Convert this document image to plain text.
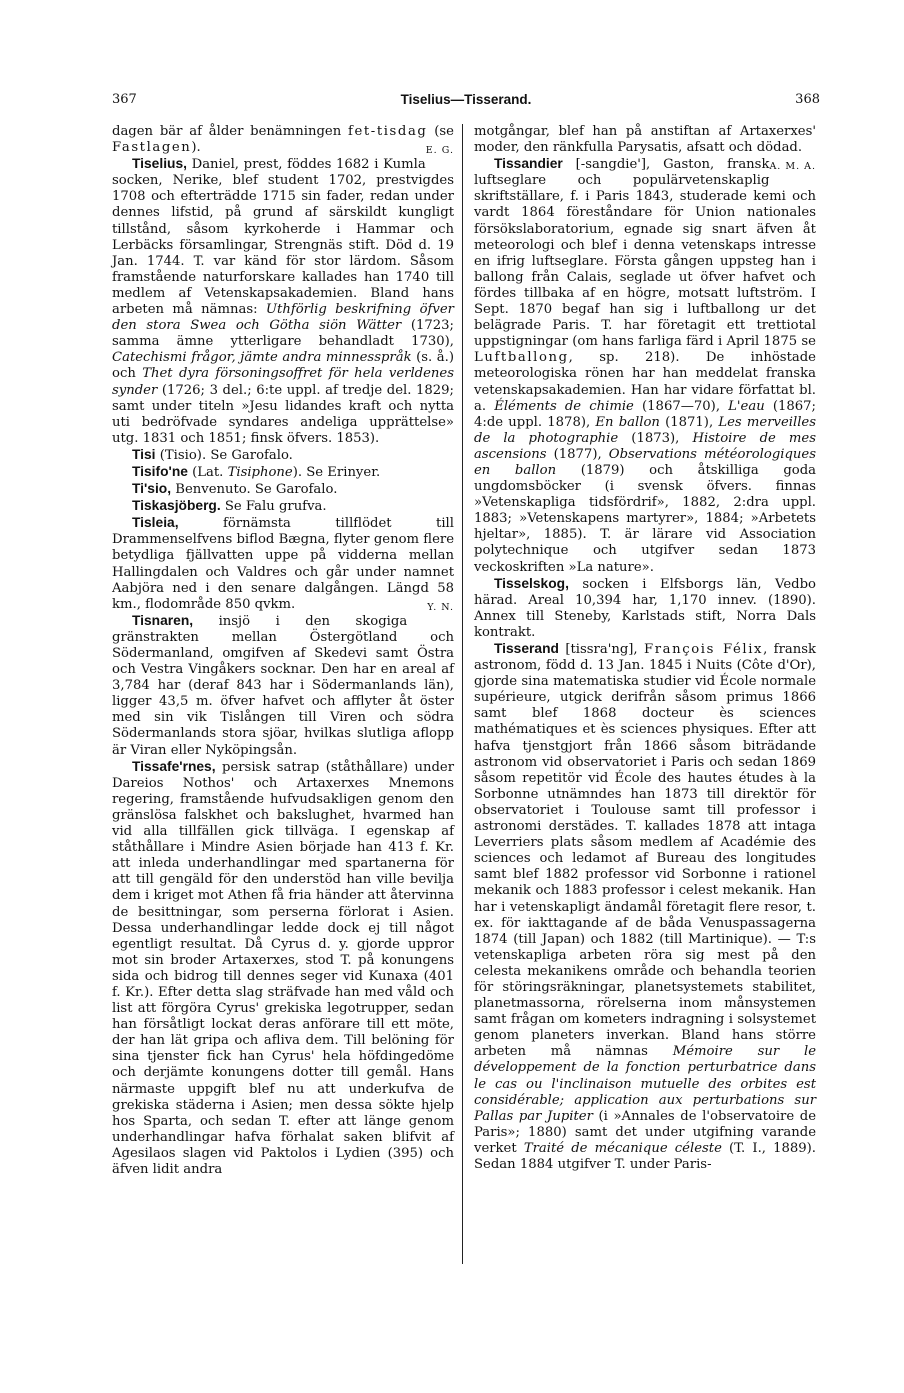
367	Tiselius—Tisserand.	368

dagen bär af ålder benämningen fet-tisdag (se Fastlagen).	E. G.

Tiselius, Daniel, prest, föddes 1682 i Kumla socken, Nerike, blef student 1702, prestvigdes 1708 och efterträdde 1715 sin fader, redan under dennes lifstid, på grund af särskildt kungligt tillstånd, såsom kyrkoherde i Hammar och Lerbäcks församlingar, Strengnäs stift. Död d. 19 Jan. 1744. T. var känd för stor lärdom. Såsom framstående naturforskare kallades han 1740 till medlem af Vetenskapsakademien. Bland hans arbeten må nämnas: Uthförlig beskrifning öfver den stora Swea och Götha siön Wätter (1723; samma ämne ytterligare behandladt 1730), Catechismi frågor, jämte andra minnesspråk (s. å.) och Thet dyra försoningsoffret för hela verldenes synder (1726; 3 del.; 6:te uppl. af tredje del. 1829; samt under titeln »Jesu lidandes kraft och nytta uti bedröfvade syndares andeliga upprättelse» utg. 1831 och 1851; finsk öfvers. 1853).

Tisi (Tisio). Se Garofalo.

Tisifo'ne (Lat. Tisiphone). Se Erinyer.

Ti'sio, Benvenuto. Se Garofalo.

Tiskasjöberg. Se Falu grufva.

Tisleia, förnämsta tillflödet till Drammenselfvens biflod Bægna, flyter genom flere betydliga fjällvatten uppe på vidderna mellan Hallingdalen och Valdres och går under namnet Aabjöra ned i den senare dalgången. Längd 58 km., flodområde 850 qvkm.	Y. N.

Tisnaren, insjö i den skogiga gränstrakten mellan Östergötland och Södermanland, omgifven af Skedevi samt Östra och Vestra Vingåkers socknar. Den har en areal af 3,784 har (deraf 843 har i Södermanlands län), ligger 43,5 m. öfver hafvet och afflyter åt öster med sin vik Tislången till Viren och södra Södermanlands stora sjöar, hvilkas slutliga aflopp är Viran eller Nyköpingsån.

Tissafe'rnes, persisk satrap (ståthållare) under Dareios Nothos' och Artaxerxes Mnemons regering, framstående hufvudsakligen genom den gränslösa falskhet och bakslughet, hvarmed han vid alla tillfällen gick tillväga. I egenskap af ståthållare i Mindre Asien började han 413 f. Kr. att inleda underhandlingar med spartanerna för att till gengäld för den understöd han ville bevilja dem i kriget mot Athen få fria händer att återvinna de besittningar, som perserna förlorat i Asien. Dessa underhandlingar ledde dock ej till något egentligt resultat. Då Cyrus d. y. gjorde uppror mot sin broder Artaxerxes, stod T. på konungens sida och bidrog till dennes seger vid Kunaxa (401 f. Kr.). Efter detta slag sträfvade han med våld och list att förgöra Cyrus' grekiska legotrupper, sedan han försåtligt lockat deras anförare till ett möte, der han lät gripa och afliva dem. Till belöning för sina tjenster fick han Cyrus' hela höfdingedöme och derjämte konungens dotter till gemål. Hans närmaste uppgift blef nu att underkufva de grekiska städerna i Asien; men dessa sökte hjelp hos Sparta, och sedan T. efter att länge genom underhandlingar hafva förhalat saken blifvit af Agesilaos slagen vid Paktolos i Lydien (395) och äfven lidit andra

motgångar, blef han på anstiftan af Artaxerxes' moder, den ränkfulla Parysatis, afsatt och dödad.
A. M. A.

Tissandier [-sangdie'], Gaston, fransk luftseglare och populärvetenskaplig skriftställare, f. i Paris 1843, studerade kemi och vardt 1864 föreståndare för Union nationales försökslaboratorium, egnade sig snart äfven åt meteorologi och blef i denna vetenskaps intresse en ifrig luftseglare. Första gången uppsteg han i ballong från Calais, seglade ut öfver hafvet och fördes tillbaka af en högre, motsatt luftström. I Sept. 1870 begaf han sig i luftballong ur det belägrade Paris. T. har företagit ett trettiotal uppstigningar (om hans farliga färd i April 1875 se Luftballong, sp. 218). De inhöstade meteorologiska rönen har han meddelat franska vetenskapsakademien. Han har vidare författat bl. a. Éléments de chimie (1867—70), L'eau (1867; 4:de uppl. 1878), En ballon (1871), Les merveilles de la photographie (1873), Histoire de mes ascensions (1877), Observations météorologiques en ballon (1879) och åtskilliga goda ungdomsböcker (i svensk öfvers. finnas »Vetenskapliga tidsfördrif», 1882, 2:dra uppl. 1883; »Vetenskapens martyrer», 1884; »Arbetets hjeltar», 1885). T. är lärare vid Association polytechnique och utgifver sedan 1873 veckoskriften »La nature».

Tisselskog, socken i Elfsborgs län, Vedbo härad. Areal 10,394 har, 1,170 innev. (1890). Annex till Steneby, Karlstads stift, Norra Dals kontrakt.

Tisserand [tissra'ng], François Félix, fransk astronom, född d. 13 Jan. 1845 i Nuits (Côte d'Or), gjorde sina matematiska studier vid École normale supérieure, utgick derifrån såsom primus 1866 samt blef 1868 docteur ès sciences mathématiques et ès sciences physiques. Efter att hafva tjenstgjort från 1866 såsom biträdande astronom vid observatoriet i Paris och sedan 1869 såsom repetitör vid École des hautes études à la Sorbonne utnämndes han 1873 till direktör för observatoriet i Toulouse samt till professor i astronomi derstädes. T. kallades 1878 att intaga Leverriers plats såsom medlem af Académie des sciences och ledamot af Bureau des longitudes samt blef 1882 professor vid Sorbonne i rationel mekanik och 1883 professor i celest mekanik. Han har i vetenskapligt ändamål företagit flere resor, t. ex. för iakttagande af de båda Venuspassagerna 1874 (till Japan) och 1882 (till Martinique). — T:s vetenskapliga arbeten röra sig mest på den celesta mekanikens område och behandla teorien för störingsräkningar, planetsystemets stabilitet, planetmassorna, rörelserna inom månsystemen samt frågan om kometers indragning i solsystemet genom planeters inverkan. Bland hans större arbeten må nämnas Mémoire sur le développement de la fonction perturbatrice dans le cas ou l'inclinaison mutuelle des orbites est considérable; application aux perturbations sur Pallas par Jupiter (i »Annales de l'observatoire de Paris»; 1880) samt det under utgifning varande verket Traité de mécanique céleste (T. I., 1889). Sedan 1884 utgifver T. under Paris-
